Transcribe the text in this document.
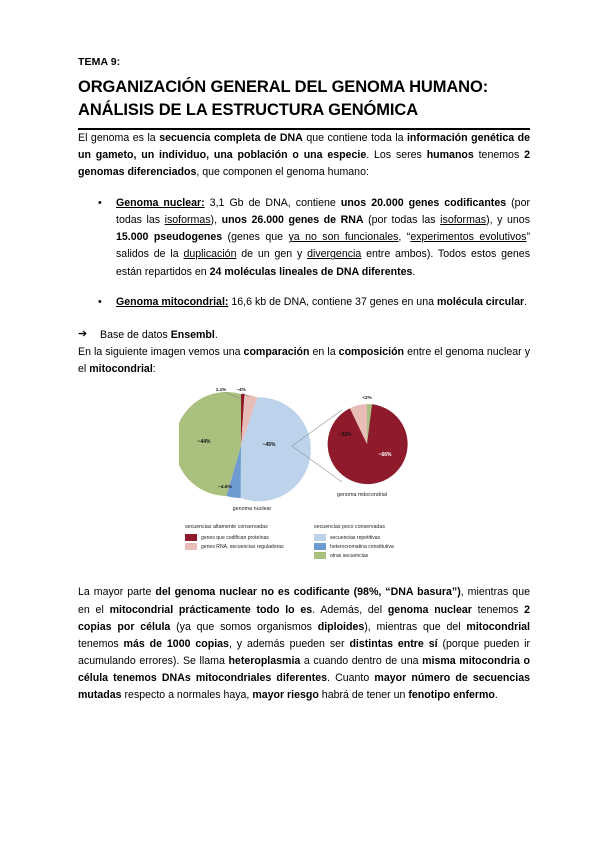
TEMA 9:
ORGANIZACIÓN GENERAL DEL GENOMA HUMANO:
ANÁLISIS DE LA ESTRUCTURA GENÓMICA

El genoma es la secuencia completa de DNA que contiene toda la información genética de un gameto, un individuo, una población o una especie. Los seres humanos tenemos 2 genomas diferenciados, que componen el genoma humano:

• Genoma nuclear: 3,1 Gb de DNA, contiene unos 20.000 genes codificantes (por todas las isoformas), unos 26.000 genes de RNA (por todas las isoformas), y unos 15.000 pseudogenes (genes que ya no son funcionales, “experimentos evolutivos” salidos de la duplicación de un gen y divergencia entre ambos). Todos estos genes están repartidos en 24 moléculas lineales de DNA diferentes.
• Genoma mitocondrial: 16,6 kb de DNA, contiene 37 genes en una molécula circular.
➔ Base de datos Ensembl.

En la siguiente imagen vemos una comparación en la composición entre el genoma nuclear y el mitocondrial:

1.1% ~4%
~44%	~45%
~4.5%
<2%
~32%
~66%
genoma nuclear
genoma mitocondrial
secuencias altamente conservadas
genes que codifican proteínas
genes RNA, secuencias reguladoras
secuencias poco conservadas
secuencias repetitivas
heterocromatina constitutiva
otras secuencias

La mayor parte del genoma nuclear no es codificante (98%, “DNA basura”), mientras que en el mitocondrial prácticamente todo lo es. Además, del genoma nuclear tenemos 2 copias por célula (ya que somos organismos diploides), mientras que del mitocondrial tenemos más de 1000 copias, y además pueden ser distintas entre sí (porque pueden ir acumulando errores). Se llama heteroplasmia a cuando dentro de una misma mitocondria o célula tenemos DNAs mitocondriales diferentes. Cuanto mayor número de secuencias mutadas respecto a normales haya, mayor riesgo habrá de tener un fenotipo enfermo.
